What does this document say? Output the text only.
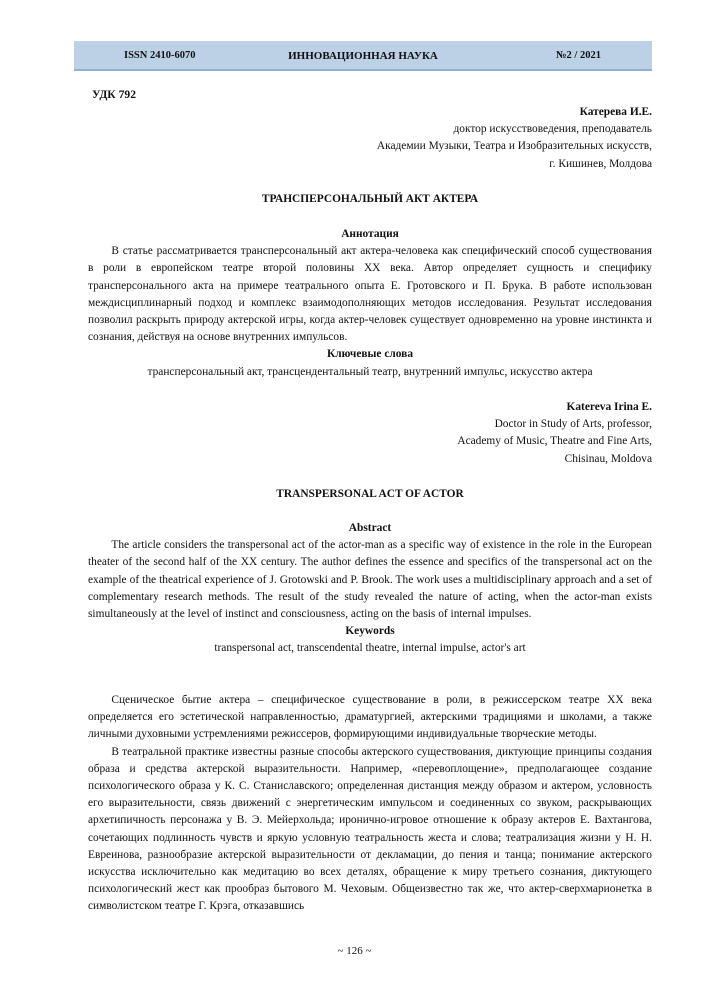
ISSN 2410-6070	ИННОВАЦИОННАЯ НАУКА	№2 / 2021
УДК 792
Катерева И.Е.
доктор искусствоведения, преподаватель
Академии Музыки, Театра и Изобразительных искусств,
г. Кишинев, Молдова
ТРАНСПЕРСОНАЛЬНЫЙ АКТ АКТЕРА
Аннотация

В статье рассматривается трансперсональный акт актера-человека как специфический способ существования в роли в европейском театре второй половины XX века. Автор определяет сущность и специфику трансперсонального акта на примере театрального опыта Е. Гротовского и П. Брука. В работе использован междисциплинарный подход и комплекс взаимодополняющих методов исследования. Результат исследования позволил раскрыть природу актерской игры, когда актер-человек существует одновременно на уровне инстинкта и сознания, действуя на основе внутренних импульсов.

Ключевые слова
трансперсональный акт, трансцендентальный театр, внутренний импульс, искусство актера
Katereva Irina E.
Doctor in Study of Arts, professor,
Academy of Music, Theatre and Fine Arts,
Chisinau, Moldova
TRANSPERSONAL ACT OF ACTOR
Abstract

The article considers the transpersonal act of the actor-man as a specific way of existence in the role in the European theater of the second half of the XX century. The author defines the essence and specifics of the transpersonal act on the example of the theatrical experience of J. Grotowski and P. Brook. The work uses a multidisciplinary approach and a set of complementary research methods. The result of the study revealed the nature of acting, when the actor-man exists simultaneously at the level of instinct and consciousness, acting on the basis of internal impulses.

Keywords
transpersonal act, transcendental theatre, internal impulse, actor's art

Сценическое бытие актера – специфическое существование в роли, в режиссерском театре XX века определяется его эстетической направленностью, драматургией, актерскими традициями и школами, а также личными духовными устремлениями режиссеров, формирующими индивидуальные творческие методы.

В театральной практике известны разные способы актерского существования, диктующие принципы создания образа и средства актерской выразительности. Например, «перевоплощение», предполагающее создание психологического образа у К. С. Станиславского; определенная дистанция между образом и актером, условность его выразительности, связь движений с энергетическим импульсом и соединенных со звуком, раскрывающих архетипичность персонажа у В. Э. Мейерхольда; иронично-игровое отношение к образу актеров Е. Вахтангова, сочетающих подлинность чувств и яркую условную театральность жеста и слова; театрализация жизни у Н. Н. Евреинова, разнообразие актерской выразительности от декламации, до пения и танца; понимание актерского искусства исключительно как медитацию во всех деталях, обращение к миру третьего сознания, диктующего психологический жест как прообраз бытового М. Чеховым. Общеизвестно так же, что актер-сверхмарионетка в символистском театре Г. Крэга, отказавшись

~ 126 ~
